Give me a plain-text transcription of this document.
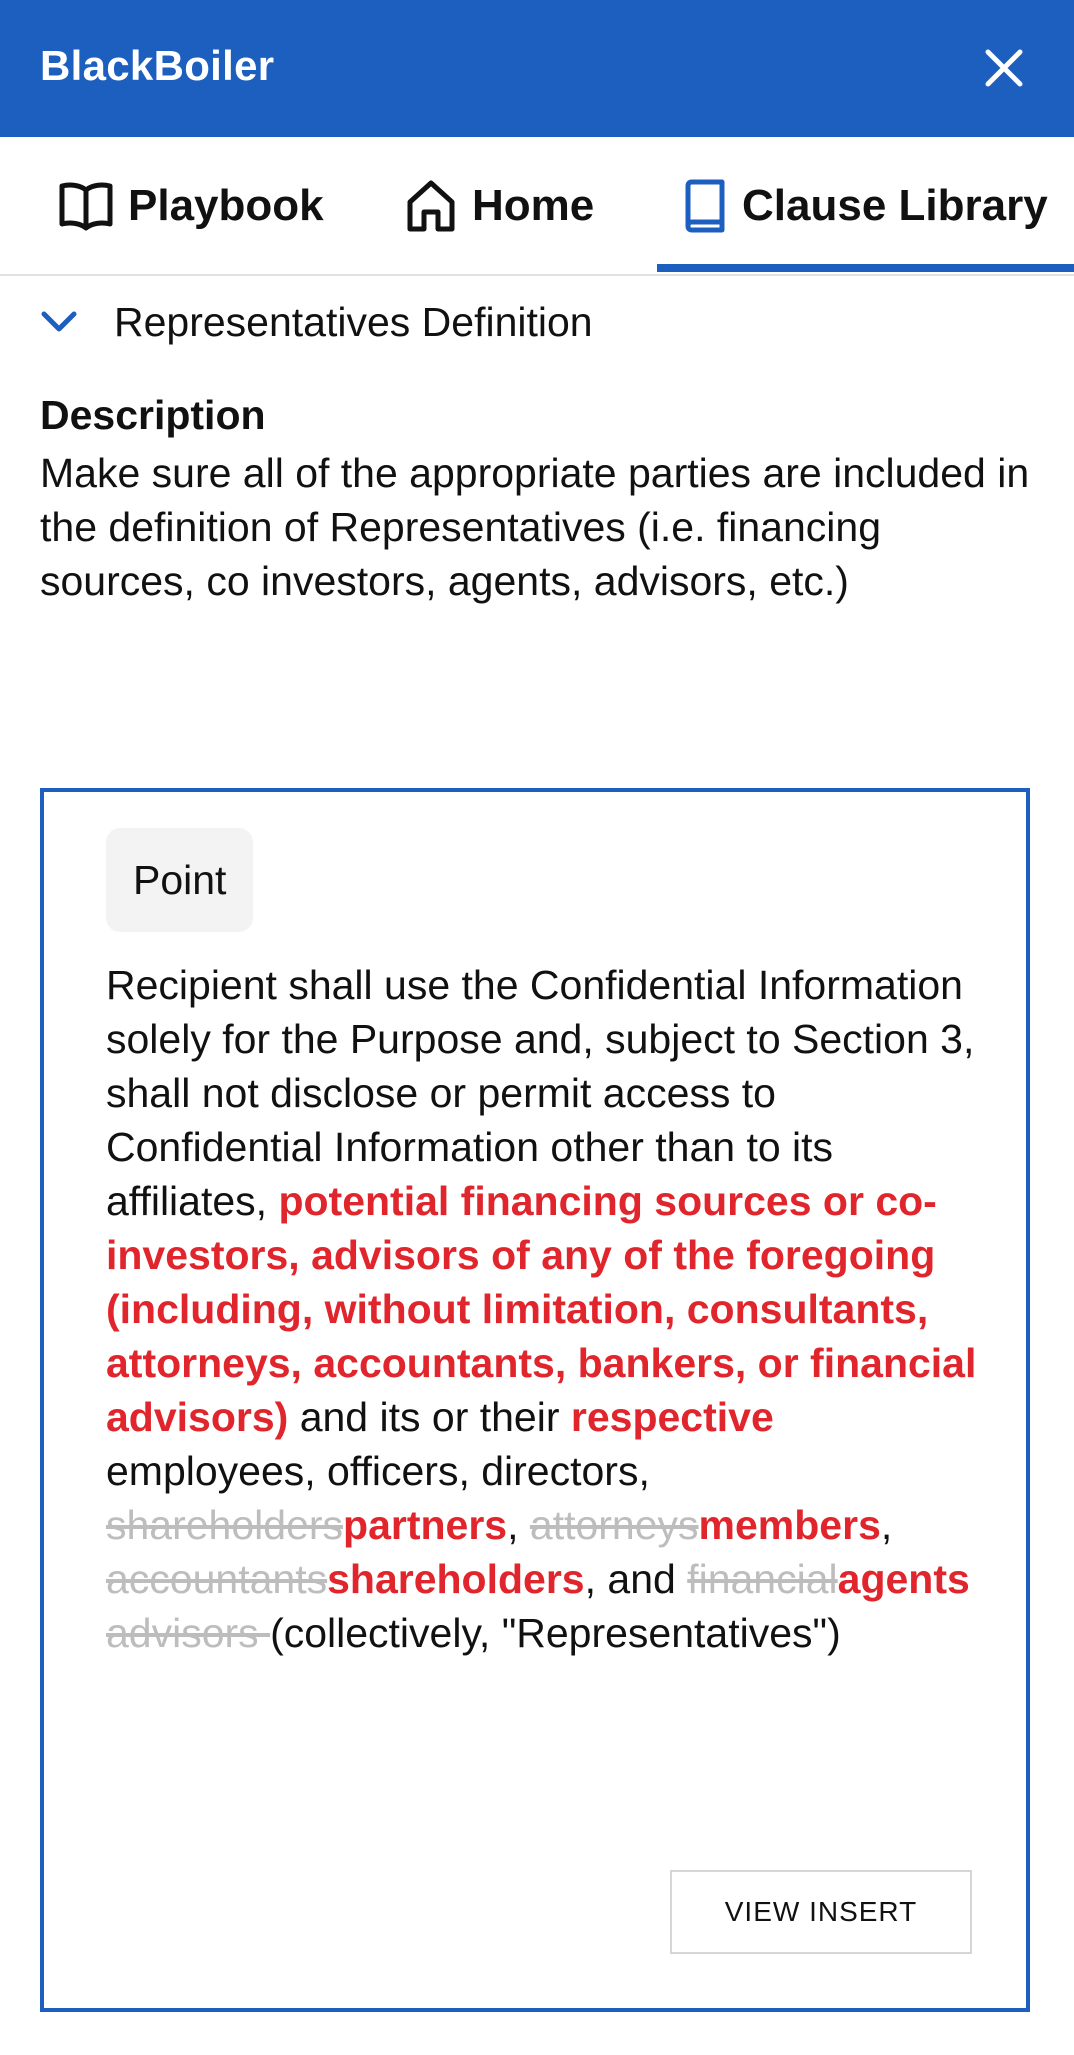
BlackBoiler
Playbook	Home	Clause Library
Representatives Definition
Description
Make sure all of the appropriate parties are included in the definition of Representatives (i.e. financing sources, co investors, agents, advisors, etc.)
Point
Recipient shall use the Confidential Information solely for the Purpose and, subject to Section 3, shall not disclose or permit access to Confidential Information other than to its affiliates, potential financing sources or co-investors, advisors of any of the foregoing (including, without limitation, consultants, attorneys, accountants, bankers, or financial advisors) and its or their respective employees, officers, directors, shareholderspartners, attorneysmembers, accountantsshareholders, and financialagents advisors (collectively, "Representatives")
VIEW INSERT
